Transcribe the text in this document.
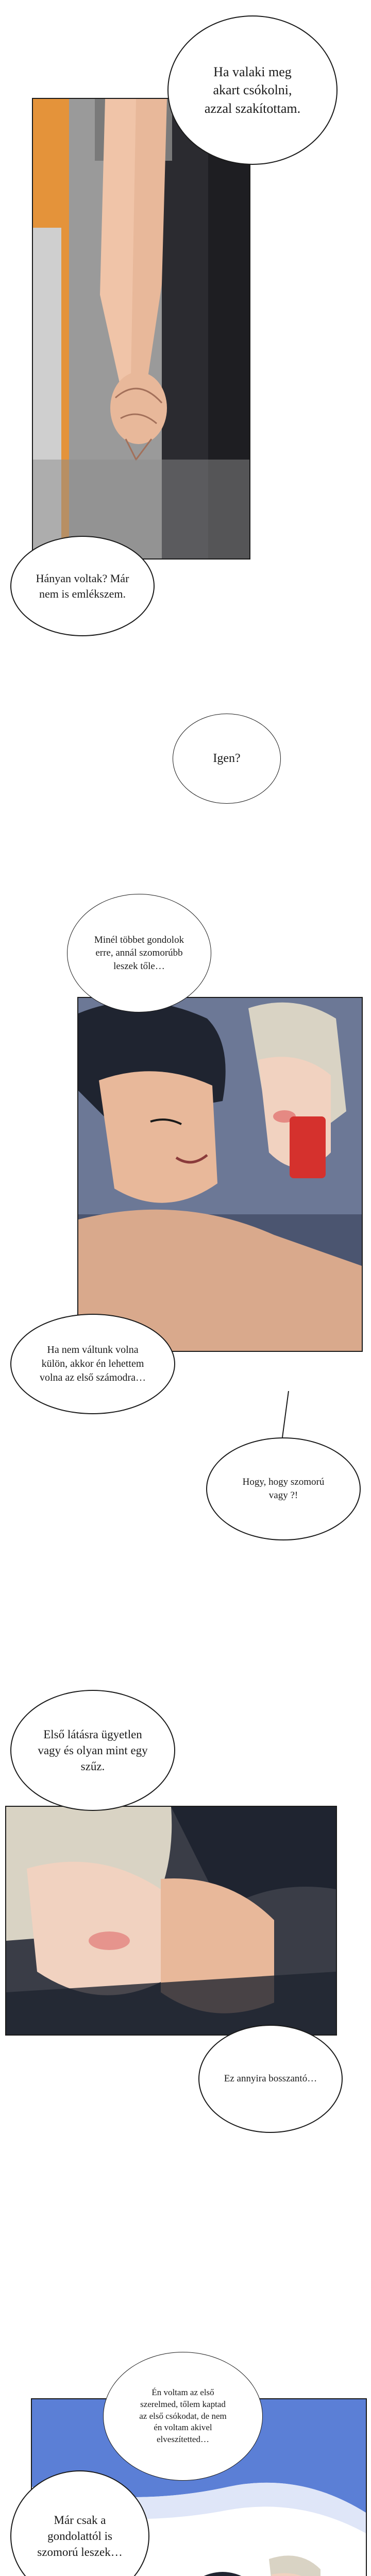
Ha valaki meg
akart csókolni,
azzal szakítottam.
Hányan voltak? Már
nem is emlékszem.
Igen?
Minél többet gondolok
erre, annál szomorúbb
leszek tőle…
Ha nem váltunk volna
külön, akkor én lehettem
volna az első számodra…
Hogy, hogy szomorú
vagy ?!
Első látásra ügyetlen
vagy és olyan mint egy
szűz.
Ez annyira bosszantó…
Én voltam az első
szerelmed, tőlem kaptad
az első csókodat, de nem
én voltam akivel
elveszítetted…
Már csak a
gondolattól is
szomorú leszek…
